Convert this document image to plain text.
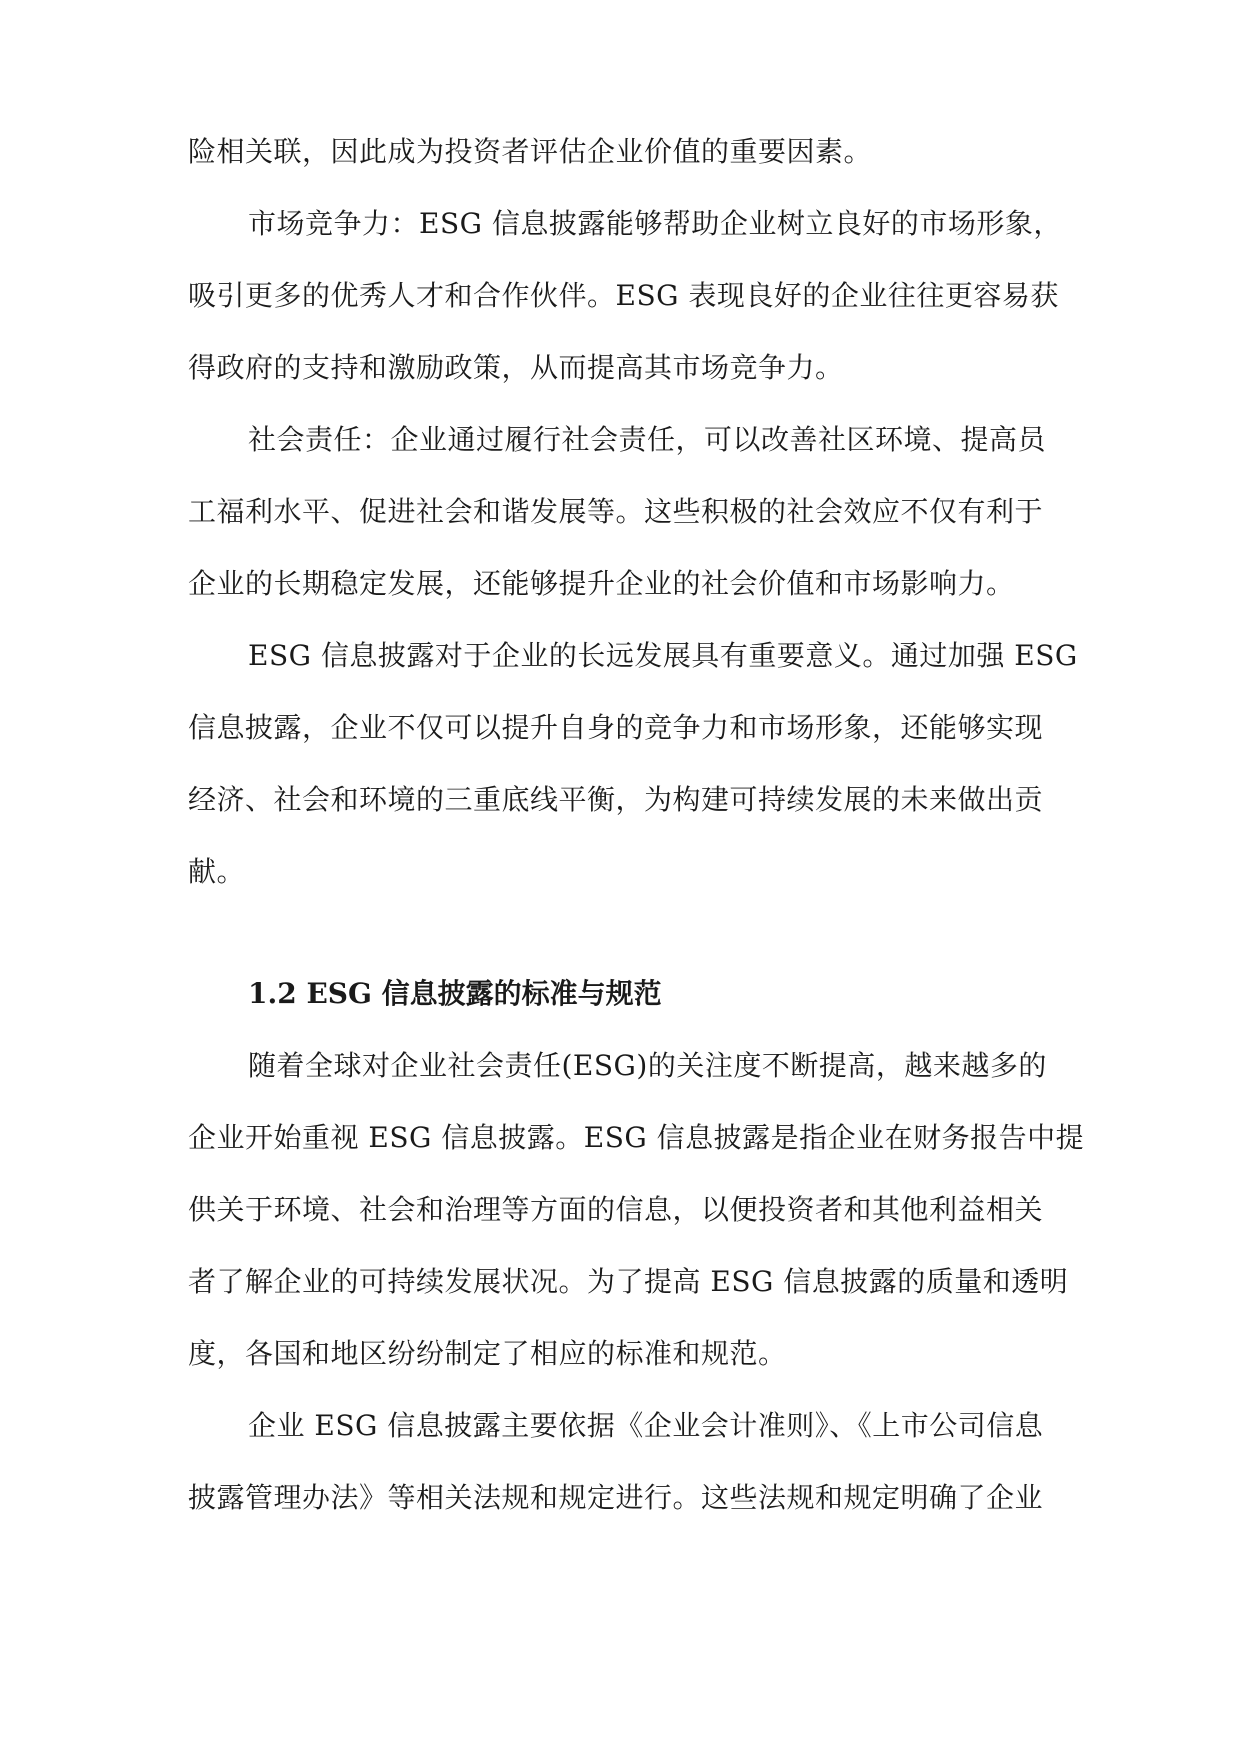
险相关联，因此成为投资者评估企业价值的重要因素。
市场竞争力：ESG 信息披露能够帮助企业树立良好的市场形象，
吸引更多的优秀人才和合作伙伴。ESG 表现良好的企业往往更容易获
得政府的支持和激励政策，从而提高其市场竞争力。
社会责任：企业通过履行社会责任，可以改善社区环境、提高员
工福利水平、促进社会和谐发展等。这些积极的社会效应不仅有利于
企业的长期稳定发展，还能够提升企业的社会价值和市场影响力。
ESG 信息披露对于企业的长远发展具有重要意义。通过加强 ESG
信息披露，企业不仅可以提升自身的竞争力和市场形象，还能够实现
经济、社会和环境的三重底线平衡，为构建可持续发展的未来做出贡
献。
1.2 ESG 信息披露的标准与规范
随着全球对企业社会责任(ESG)的关注度不断提高，越来越多的
企业开始重视 ESG 信息披露。ESG 信息披露是指企业在财务报告中提
供关于环境、社会和治理等方面的信息，以便投资者和其他利益相关
者了解企业的可持续发展状况。为了提高 ESG 信息披露的质量和透明
度，各国和地区纷纷制定了相应的标准和规范。
企业 ESG 信息披露主要依据《企业会计准则》、《上市公司信息
披露管理办法》等相关法规和规定进行。这些法规和规定明确了企业
